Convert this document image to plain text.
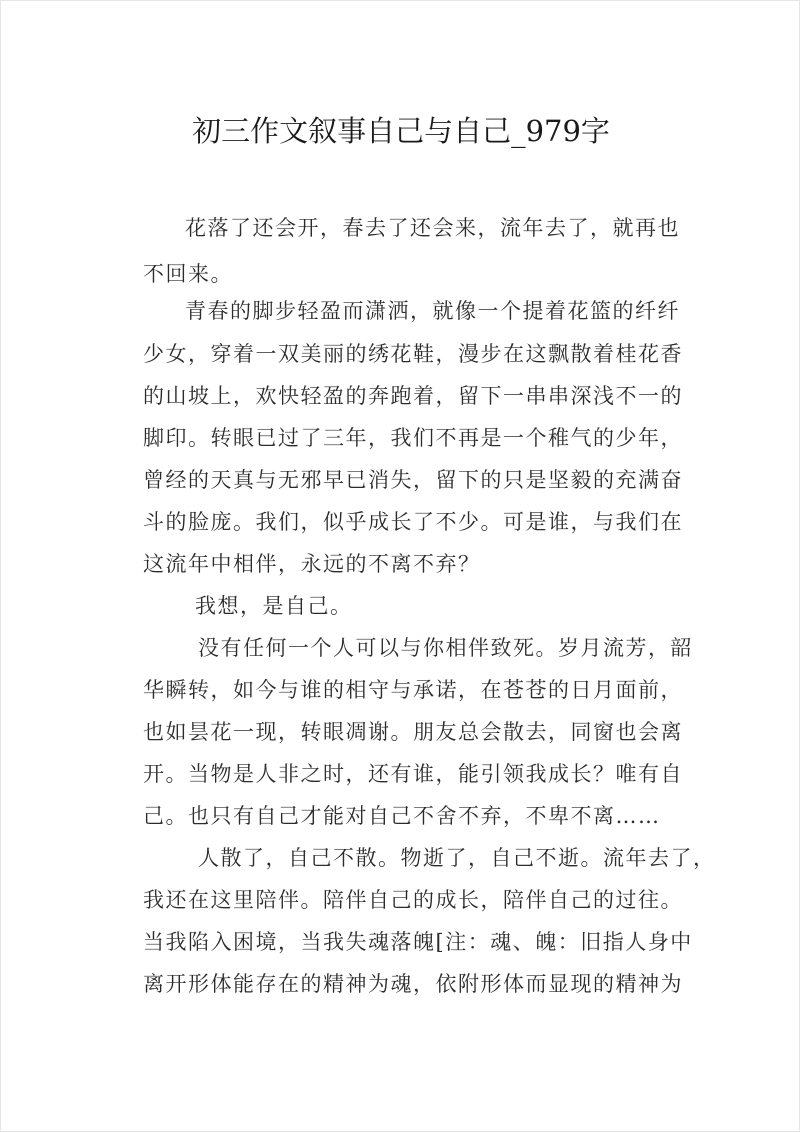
初三作文叙事自己与自己_979字
花落了还会开，春去了还会来，流年去了，就再也
不回来。
青春的脚步轻盈而潇洒，就像一个提着花篮的纤纤
少女，穿着一双美丽的绣花鞋，漫步在这飘散着桂花香
的山坡上，欢快轻盈的奔跑着，留下一串串深浅不一的
脚印。转眼已过了三年，我们不再是一个稚气的少年，
曾经的天真与无邪早已消失，留下的只是坚毅的充满奋
斗的脸庞。我们，似乎成长了不少。可是谁，与我们在
这流年中相伴，永远的不离不弃？
我想，是自己。
没有任何一个人可以与你相伴致死。岁月流芳，韶
华瞬转，如今与谁的相守与承诺，在苍苍的日月面前，
也如昙花一现，转眼凋谢。朋友总会散去，同窗也会离
开。当物是人非之时，还有谁，能引领我成长？唯有自
己。也只有自己才能对自己不舍不弃，不卑不离……
人散了，自己不散。物逝了，自己不逝。流年去了，
我还在这里陪伴。陪伴自己的成长，陪伴自己的过往。
当我陷入困境，当我失魂落魄[注：魂、魄：旧指人身中
离开形体能存在的精神为魂，依附形体而显现的精神为
